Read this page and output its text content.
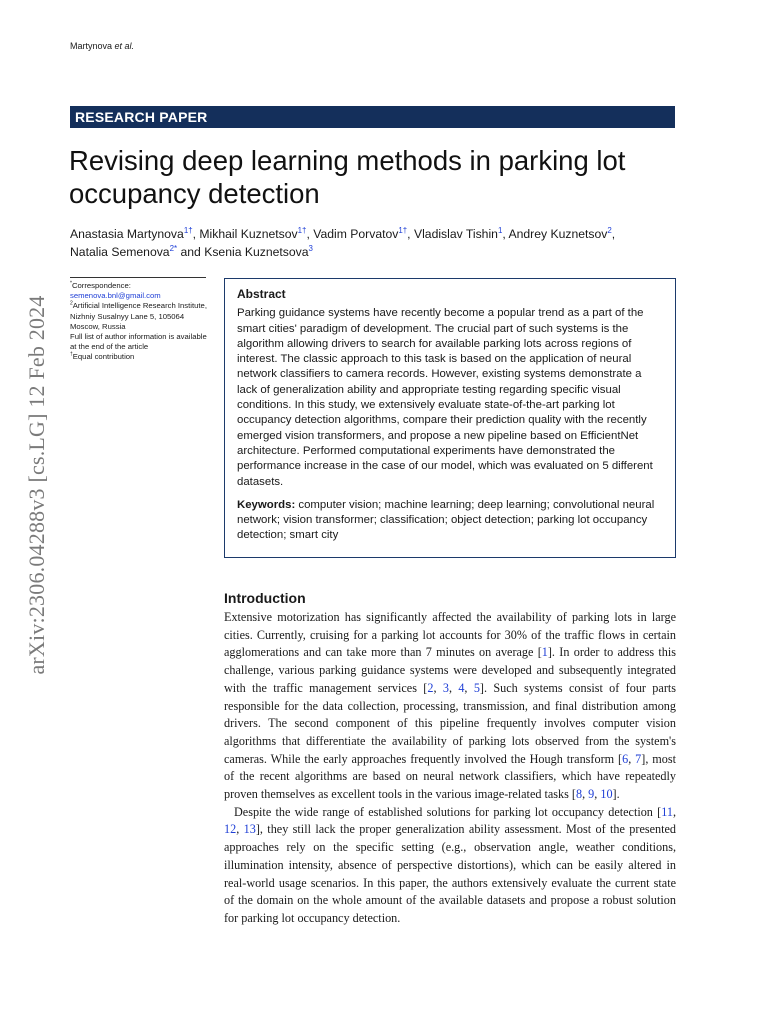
Martynova et al.
RESEARCH PAPER
Revising deep learning methods in parking lot occupancy detection
Anastasia Martynova$^{1\dagger}$, Mikhail Kuznetsov$^{1\dagger}$, Vadim Porvatov$^{1\dagger}$, Vladislav Tishin$^1$, Andrey Kuznetsov$^2$,
Natalia Semenova$^{2*}$ and Ksenia Kuznetsova$^3$
*Correspondence:
semenova.bnl@gmail.com
$^2$Artificial Intelligence Research Institute, Nizhniy Susalnyy Lane 5, 105064 Moscow, Russia
Full list of author information is available at the end of the article
†Equal contribution
Abstract
Parking guidance systems have recently become a popular trend as a part of the smart cities' paradigm of development. The crucial part of such systems is the algorithm allowing drivers to search for available parking lots across regions of interest. The classic approach to this task is based on the application of neural network classifiers to camera records. However, existing systems demonstrate a lack of generalization ability and appropriate testing regarding specific visual conditions. In this study, we extensively evaluate state-of-the-art parking lot occupancy detection algorithms, compare their prediction quality with the recently emerged vision transformers, and propose a new pipeline based on EfficientNet architecture. Performed computational experiments have demonstrated the performance increase in the case of our model, which was evaluated on 5 different datasets.
Keywords: computer vision; machine learning; deep learning; convolutional neural network; vision transformer; classification; object detection; parking lot occupancy detection; smart city
Introduction

Extensive motorization has significantly affected the availability of parking lots in large cities. Currently, cruising for a parking lot accounts for 30% of the traffic flows in certain agglomerations and can take more than 7 minutes on average [1]. In order to address this challenge, various parking guidance systems were developed and subsequently integrated with the traffic management services [2, 3, 4, 5]. Such systems consist of four parts responsible for the data collection, processing, transmission, and final distribution among drivers. The second component of this pipeline frequently involves computer vision algorithms that differentiate the availability of parking lots observed from the system's cameras. While the early approaches frequently involved the Hough transform [6, 7], most of the recent algorithms are based on neural network classifiers, which have repeatedly proven themselves as excellent tools in the various image-related tasks [8, 9, 10].

Despite the wide range of established solutions for parking lot occupancy detection [11, 12, 13], they still lack the proper generalization ability assessment. Most of the presented approaches rely on the specific setting (e.g., observation angle, weather conditions, illumination intensity, absence of perspective distortions), which can be easily altered in real-world usage scenarios. In this paper, the authors extensively evaluate the current state of the domain on the whole amount of the available datasets and propose a robust solution for parking lot occupancy detection.

arXiv:2306.04288v3 [cs.LG] 12 Feb 2024
